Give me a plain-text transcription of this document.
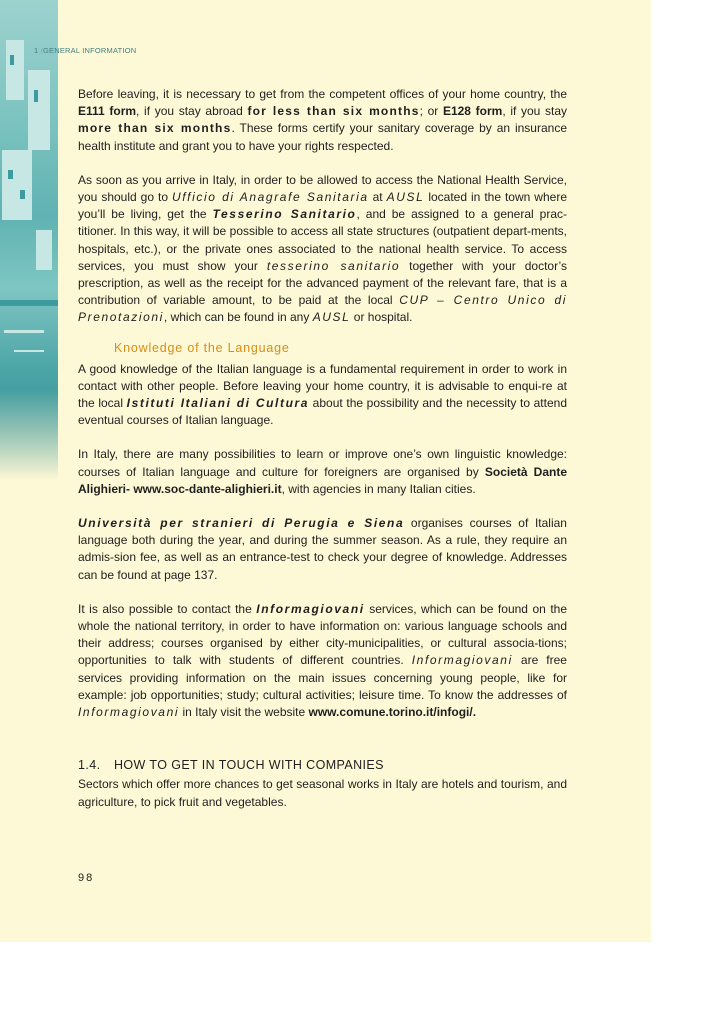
1 /GENERAL INFORMATION

Before leaving, it is necessary to get from the competent offices of your home country, the E111 form, if you stay abroad for less than six months; or E128 form, if you stay more than six months. These forms certify your sanitary coverage by an insurance health institute and grant you to have your rights respected.

As soon as you arrive in Italy, in order to be allowed to access the National Health Service, you should go to Ufficio di Anagrafe Sanitaria at AUSL located in the town where you’ll be living, get the Tesserino Sanitario, and be assigned to a general prac-titioner. In this way, it will be possible to access all state structures (outpatient depart-ments, hospitals, etc.), or the private ones associated to the national health service. To access services, you must show your tesserino sanitario together with your doctor’s prescription, as well as the receipt for the advanced payment of the relevant fare, that is a contribution of variable amount, to be paid at the local CUP – Centro Unico di Prenotazioni, which can be found in any AUSL or hospital.

Knowledge of the Language

A good knowledge of the Italian language is a fundamental requirement in order to work in contact with other people. Before leaving your home country, it is advisable to enqui-re at the local Istituti Italiani di Cultura about the possibility and the necessity to attend eventual courses of Italian language.

In Italy, there are many possibilities to learn or improve one’s own linguistic knowledge: courses of Italian language and culture for foreigners are organised by Società Dante Alighieri- www.soc-dante-alighieri.it, with agencies in many Italian cities.

Università per stranieri di Perugia e Siena organises courses of Italian language both during the year, and during the summer season. As a rule, they require an admis-sion fee, as well as an entrance-test to check your degree of knowledge. Addresses can be found at page 137.

It is also possible to contact the Informagiovani services, which can be found on the whole the national territory, in order to have information on: various language schools and their address; courses organised by either city-municipalities, or cultural associa-tions; opportunities to talk with students of different countries. Informagiovani are free services providing information on the main issues concerning young people, like for example: job opportunities; study; cultural activities; leisure time. To know the addresses of Informagiovani in Italy visit the website www.comune.torino.it/infogi/.

1.4. HOW TO GET IN TOUCH WITH COMPANIES

Sectors which offer more chances to get seasonal works in Italy are hotels and tourism, and agriculture, to pick fruit and vegetables.

98
